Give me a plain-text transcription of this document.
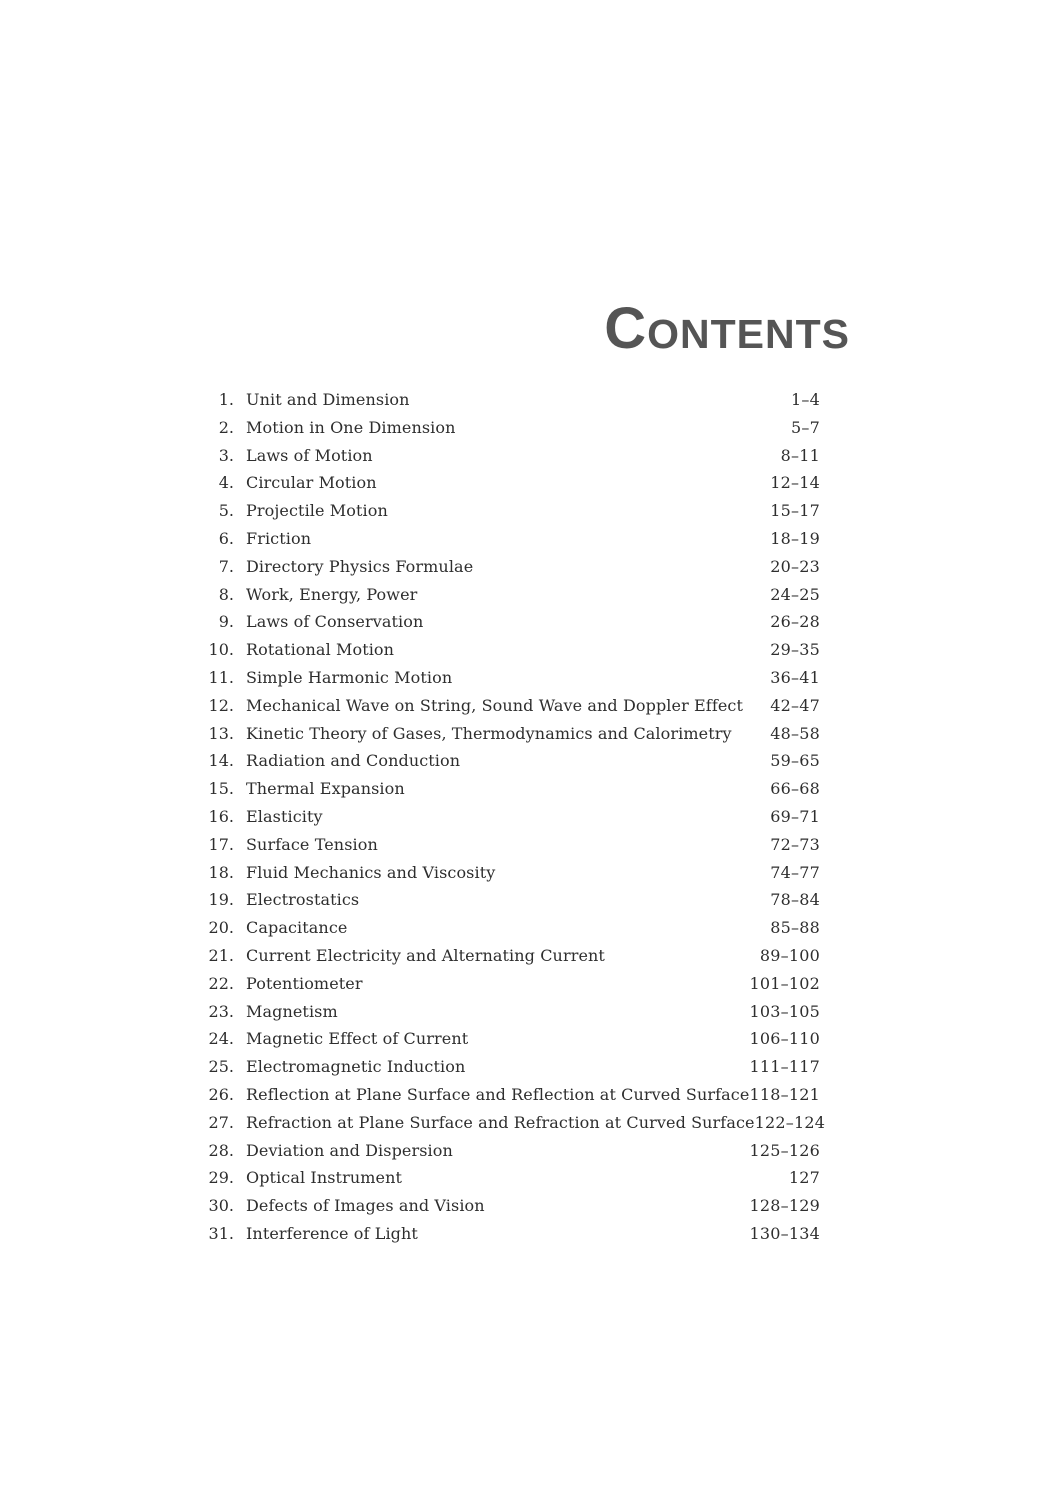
Contents
1. Unit and Dimension	1–4
2. Motion in One Dimension	5–7
3. Laws of Motion	8–11
4. Circular Motion	12–14
5. Projectile Motion	15–17
6. Friction	18–19
7. Directory Physics Formulae	20–23
8. Work, Energy, Power	24–25
9. Laws of Conservation	26–28
10. Rotational Motion	29–35
11. Simple Harmonic Motion	36–41
12. Mechanical Wave on String, Sound Wave and Doppler Effect	42–47
13. Kinetic Theory of Gases, Thermodynamics and Calorimetry	48–58
14. Radiation and Conduction	59–65
15. Thermal Expansion	66–68
16. Elasticity	69–71
17. Surface Tension	72–73
18. Fluid Mechanics and Viscosity	74–77
19. Electrostatics	78–84
20. Capacitance	85–88
21. Current Electricity and Alternating Current	89–100
22. Potentiometer	101–102
23. Magnetism	103–105
24. Magnetic Effect of Current	106–110
25. Electromagnetic Induction	111–117
26. Reflection at Plane Surface and Reflection at Curved Surface 118–121
27. Refraction at Plane Surface and Refraction at Curved Surface 122–124
28. Deviation and Dispersion	125–126
29. Optical Instrument	127
30. Defects of Images and Vision	128–129
31. Interference of Light	130–134
